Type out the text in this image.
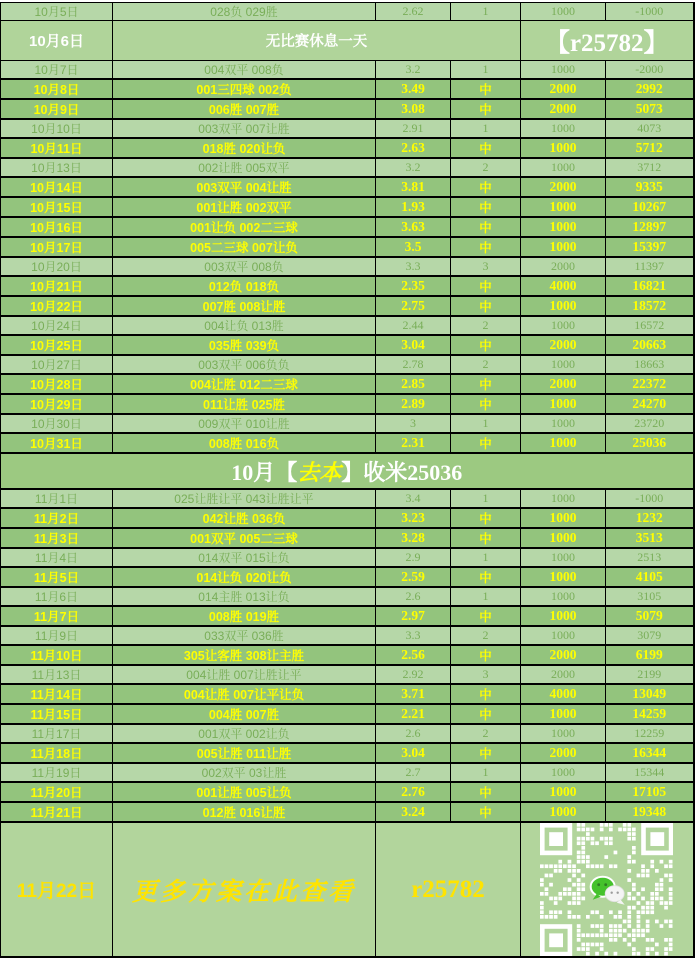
10月5日	028负 029胜	2.62	1	1000	-1000
10月6日	无比赛休息一天			【r25782】	
10月7日	004双平 008负	3.2	1	1000	-2000
10月8日	001三四球 002负	3.49	中	2000	2992
10月9日	006胜 007胜	3.08	中	2000	5073
10月10日	003双平 007让胜	2.91	1	1000	4073
10月11日	018胜 020让负	2.63	中	1000	5712
10月13日	002让胜 005双平	3.2	2	1000	3712
10月14日	003双平 004让胜	3.81	中	2000	9335
10月15日	001让胜 002双平	1.93	中	1000	10267
10月16日	001让负 002二三球	3.63	中	1000	12897
10月17日	005二三球 007让负	3.5	中	1000	15397
10月20日	003双平 008负	3.3	3	2000	11397
10月21日	012负 018负	2.35	中	4000	16821
10月22日	007胜 008让胜	2.75	中	1000	18572
10月24日	004让负 013胜	2.44	2	1000	16572
10月25日	035胜 039负	3.04	中	2000	20663
10月27日	003双平 006负负	2.78	2	1000	18663
10月28日	004让胜 012二三球	2.85	中	2000	22372
10月29日	011让胜 025胜	2.89	中	1000	24270
10月30日	009双平 010让胜	3	1	1000	23720
10月31日	008胜 016负	2.31	中	1000	25036
10月【去本】收米25036					
11月1日	025让胜让平 043让胜让平	3.4	1	1000	-1000
11月2日	042让胜 036负	3.23	中	1000	1232
11月3日	001双平 005二三球	3.28	中	1000	3513
11月4日	014双平 015让负	2.9	1	1000	2513
11月5日	014让负 020让负	2.59	中	1000	4105
11月6日	014主胜 013让负	2.6	1	1000	3105
11月7日	008胜 019胜	2.97	中	1000	5079
11月9日	033双平 036胜	3.3	2	1000	3079
11月10日	305让客胜 308让主胜	2.56	中	2000	6199
11月13日	004让胜 007让胜让平	2.92	3	2000	2199
11月14日	004让胜 007让平让负	3.71	中	4000	13049
11月15日	004胜 007胜	2.21	中	1000	14259
11月17日	001双平 002让负	2.6	2	1000	12259
11月18日	005让胜 011让胜	3.04	中	2000	16344
11月19日	002双平 03让胜	2.7	1	1000	15344
11月20日	001让胜 005让负	2.76	中	1000	17105
11月21日	012胜 016让胜	3.24	中	1000	19348
11月22日	更多方案在此查看	r25782	
